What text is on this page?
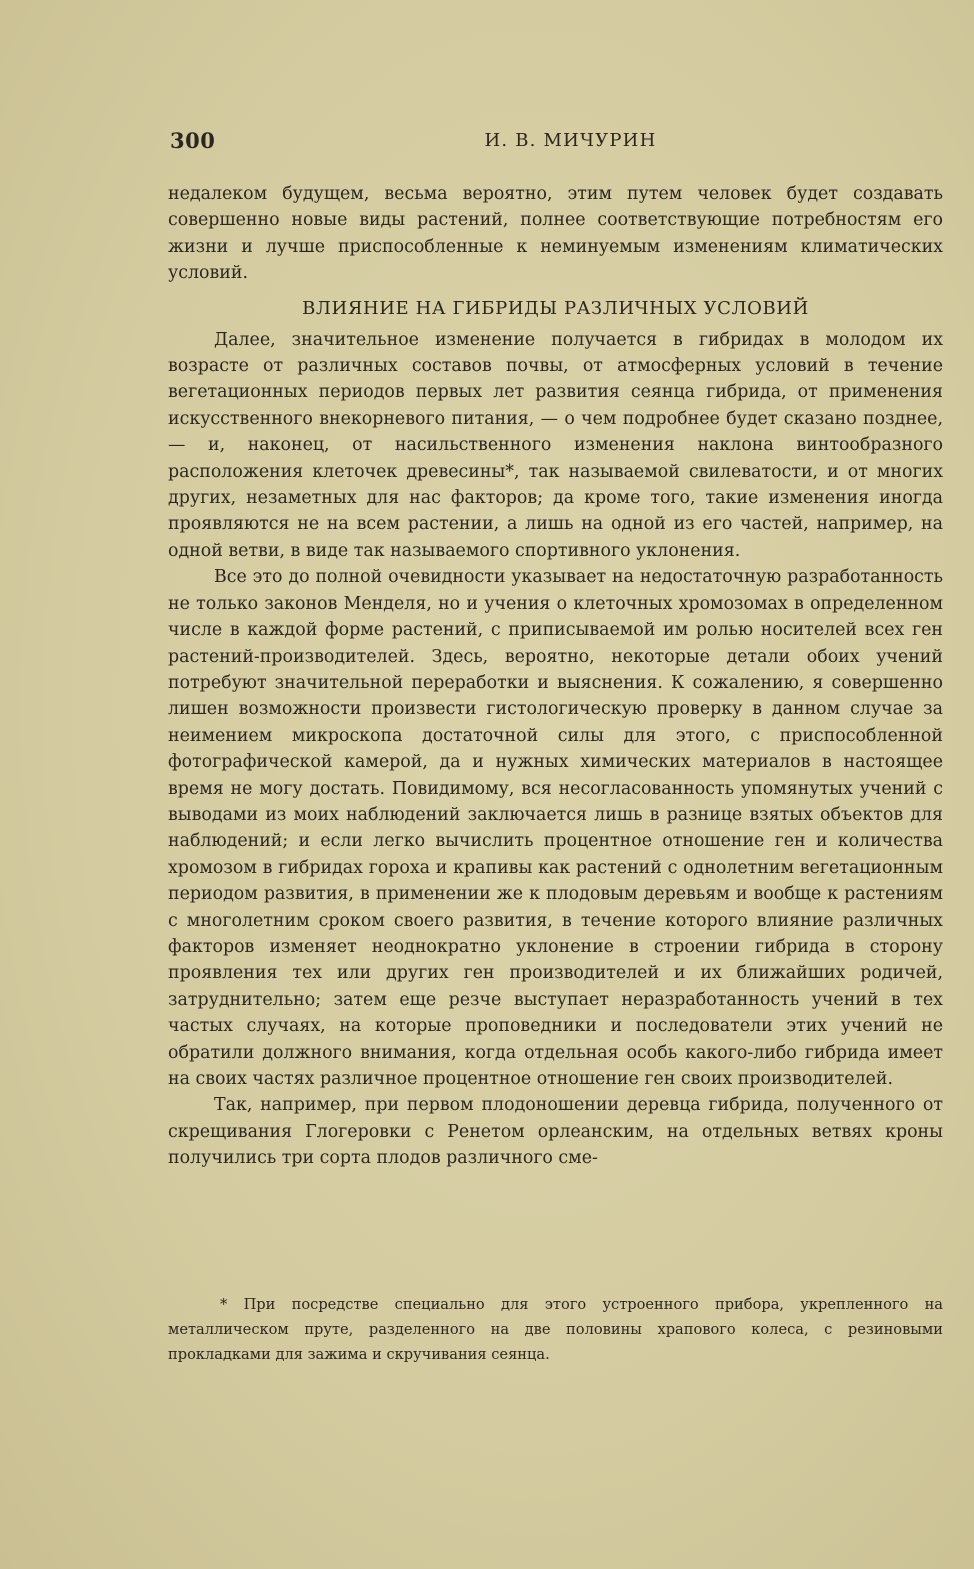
300	И. В. МИЧУРИН

недалеком будущем, весьма вероятно, этим путем человек будет создавать совершенно новые виды растений, полнее соответствующие потребностям его жизни и лучше приспособленные к неминуемым изменениям климатических условий.

ВЛИЯНИЕ НА ГИБРИДЫ РАЗЛИЧНЫХ УСЛОВИЙ

Далее, значительное изменение получается в гибридах в молодом их возрасте от различных составов почвы, от атмосферных условий в течение вегетационных периодов первых лет развития сеянца гибрида, от применения искусственного внекорневого питания, — о чем подробнее будет сказано позднее, — и, наконец, от насильственного изменения наклона винтообразного расположения клеточек древесины*, так называемой свилеватости, и от многих других, незаметных для нас факторов; да кроме того, такие изменения иногда проявляются не на всем растении, а лишь на одной из его частей, например, на одной ветви, в виде так называемого спортивного уклонения.

Все это до полной очевидности указывает на недостаточную разработанность не только законов Менделя, но и учения о клеточных хромозомах в определенном числе в каждой форме растений, с приписываемой им ролью носителей всех ген растений-производителей. Здесь, вероятно, некоторые детали обоих учений потребуют значительной переработки и выяснения. К сожалению, я совершенно лишен возможности произвести гистологическую проверку в данном случае за неимением микроскопа достаточной силы для этого, с приспособленной фотографической камерой, да и нужных химических материалов в настоящее время не могу достать. Повидимому, вся несогласованность упомянутых учений с выводами из моих наблюдений заключается лишь в разнице взятых объектов для наблюдений; и если легко вычислить процентное отношение ген и количества хромозом в гибридах гороха и крапивы как растений с однолетним вегетационным периодом развития, в применении же к плодовым деревьям и вообще к растениям с многолетним сроком своего развития, в течение которого влияние различных факторов изменяет неоднократно уклонение в строении гибрида в сторону проявления тех или других ген производителей и их ближайших родичей, затруднительно; затем еще резче выступает неразработанность учений в тех частых случаях, на которые проповедники и последователи этих учений не обратили должного внимания, когда отдельная особь какого-либо гибрида имеет на своих частях различное процентное отношение ген своих производителей.

Так, например, при первом плодоношении деревца гибрида, полученного от скрещивания Глогеровки с Ренетом орлеанским, на отдельных ветвях кроны получились три сорта плодов различного сме-

* При посредстве специально для этого устроенного прибора, укрепленного на металлическом пруте, разделенного на две половины храпового колеса, с резиновыми прокладками для зажима и скручивания сеянца.
